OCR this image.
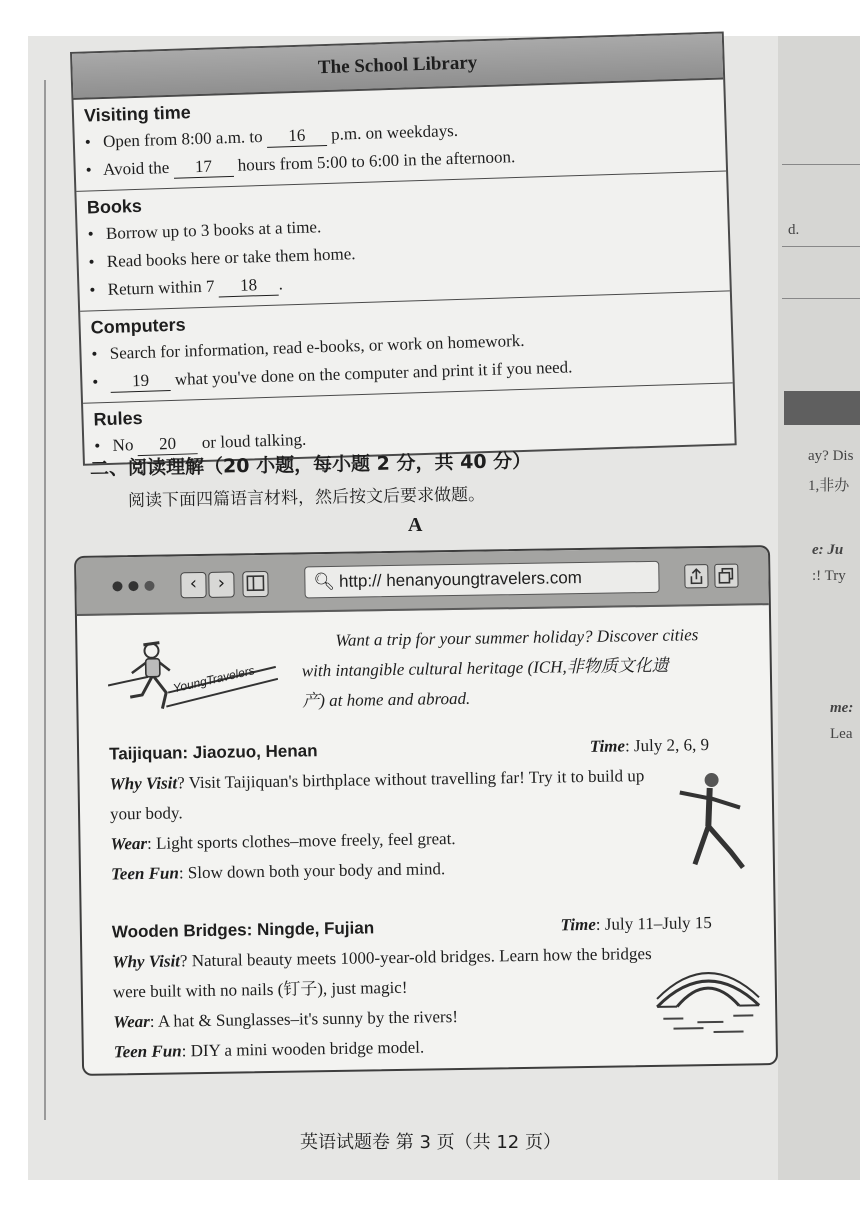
d.
ay? Dis
1,非办
e: Ju
:! Try
me:
Lea
The School Library
Visiting time
• Open from 8:00 a.m. to 16 p.m. on weekdays.
• Avoid the 17 hours from 5:00 to 6:00 in the afternoon.
Books
• Borrow up to 3 books at a time.
• Read books here or take them home.
• Return within 7 18 .
Computers
• Search for information, read e-books, or work on homework.
• 19 what you've done on the computer and print it if you need.
Rules
• No 20 or loud talking.
二、阅读理解（20 小题，每小题 2 分，共 40 分）
阅读下面四篇语言材料，然后按文后要求做题。
A
‹	›	🔍︎ http:// henanyoungtravelers.com
YoungTravelers
Want a trip for your summer holiday? Discover cities
with intangible cultural heritage (ICH,非物质文化遗
产) at home and abroad.
Taijiquan: Jiaozuo, Henan	Time: July 2, 6, 9
Why Visit? Visit Taijiquan's birthplace without travelling far! Try it to build up
your body.
Wear: Light sports clothes–move freely, feel great.
Teen Fun: Slow down both your body and mind.
Wooden Bridges: Ningde, Fujian	Time: July 11–July 15
Why Visit? Natural beauty meets 1000-year-old bridges. Learn how the bridges
were built with no nails (钉子), just magic!
Wear: A hat & Sunglasses–it's sunny by the rivers!
Teen Fun: DIY a mini wooden bridge model.
英语试题卷 第 3 页（共 12 页）
